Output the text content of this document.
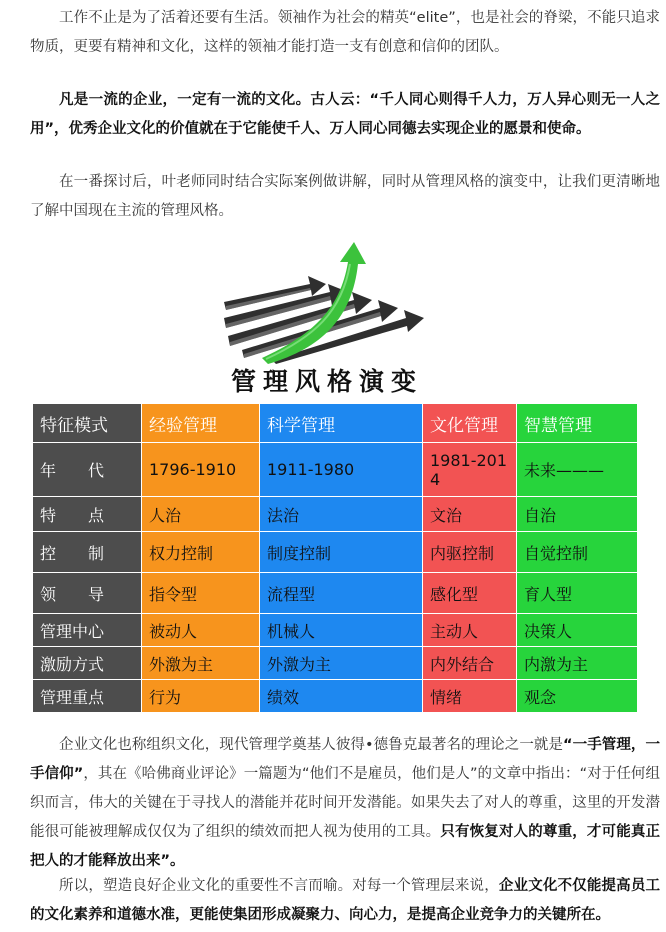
工作不止是为了活着还要有生活。领袖作为社会的精英“elite”，也是社会的脊梁，不能只追求物质，更要有精神和文化，这样的领袖才能打造一支有创意和信仰的团队。

凡是一流的企业，一定有一流的文化。古人云：“千人同心则得千人力，万人异心则无一人之用”，优秀企业文化的价值就在于它能使千人、万人同心同德去实现企业的愿景和使命。

在一番探讨后，叶老师同时结合实际案例做讲解，同时从管理风格的演变中，让我们更清晰地了解中国现在主流的管理风格。

管理风格演变
特征模式	经验管理	科学管理	文化管理	智慧管理
年　　代	1796-1910	1911-1980	1981-2014	未来———
特　　点	人治	法治	文治	自治
控　　制	权力控制	制度控制	内驱控制	自觉控制
领　　导	指令型	流程型	感化型	育人型
管理中心	被动人	机械人	主动人	决策人
激励方式	外激为主	外激为主	内外结合	内激为主
管理重点	行为	绩效	情绪	观念

企业文化也称组织文化，现代管理学奠基人彼得•德鲁克最著名的理论之一就是“一手管理，一手信仰”，其在《哈佛商业评论》一篇题为“他们不是雇员，他们是人”的文章中指出：“对于任何组织而言，伟大的关键在于寻找人的潜能并花时间开发潜能。如果失去了对人的尊重，这里的开发潜能很可能被理解成仅仅为了组织的绩效而把人视为使用的工具。只有恢复对人的尊重，才可能真正把人的才能释放出来”。

所以，塑造良好企业文化的重要性不言而喻。对每一个管理层来说，企业文化不仅能提高员工的文化素养和道德水准，更能使集团形成凝聚力、向心力，是提高企业竞争力的关键所在。
